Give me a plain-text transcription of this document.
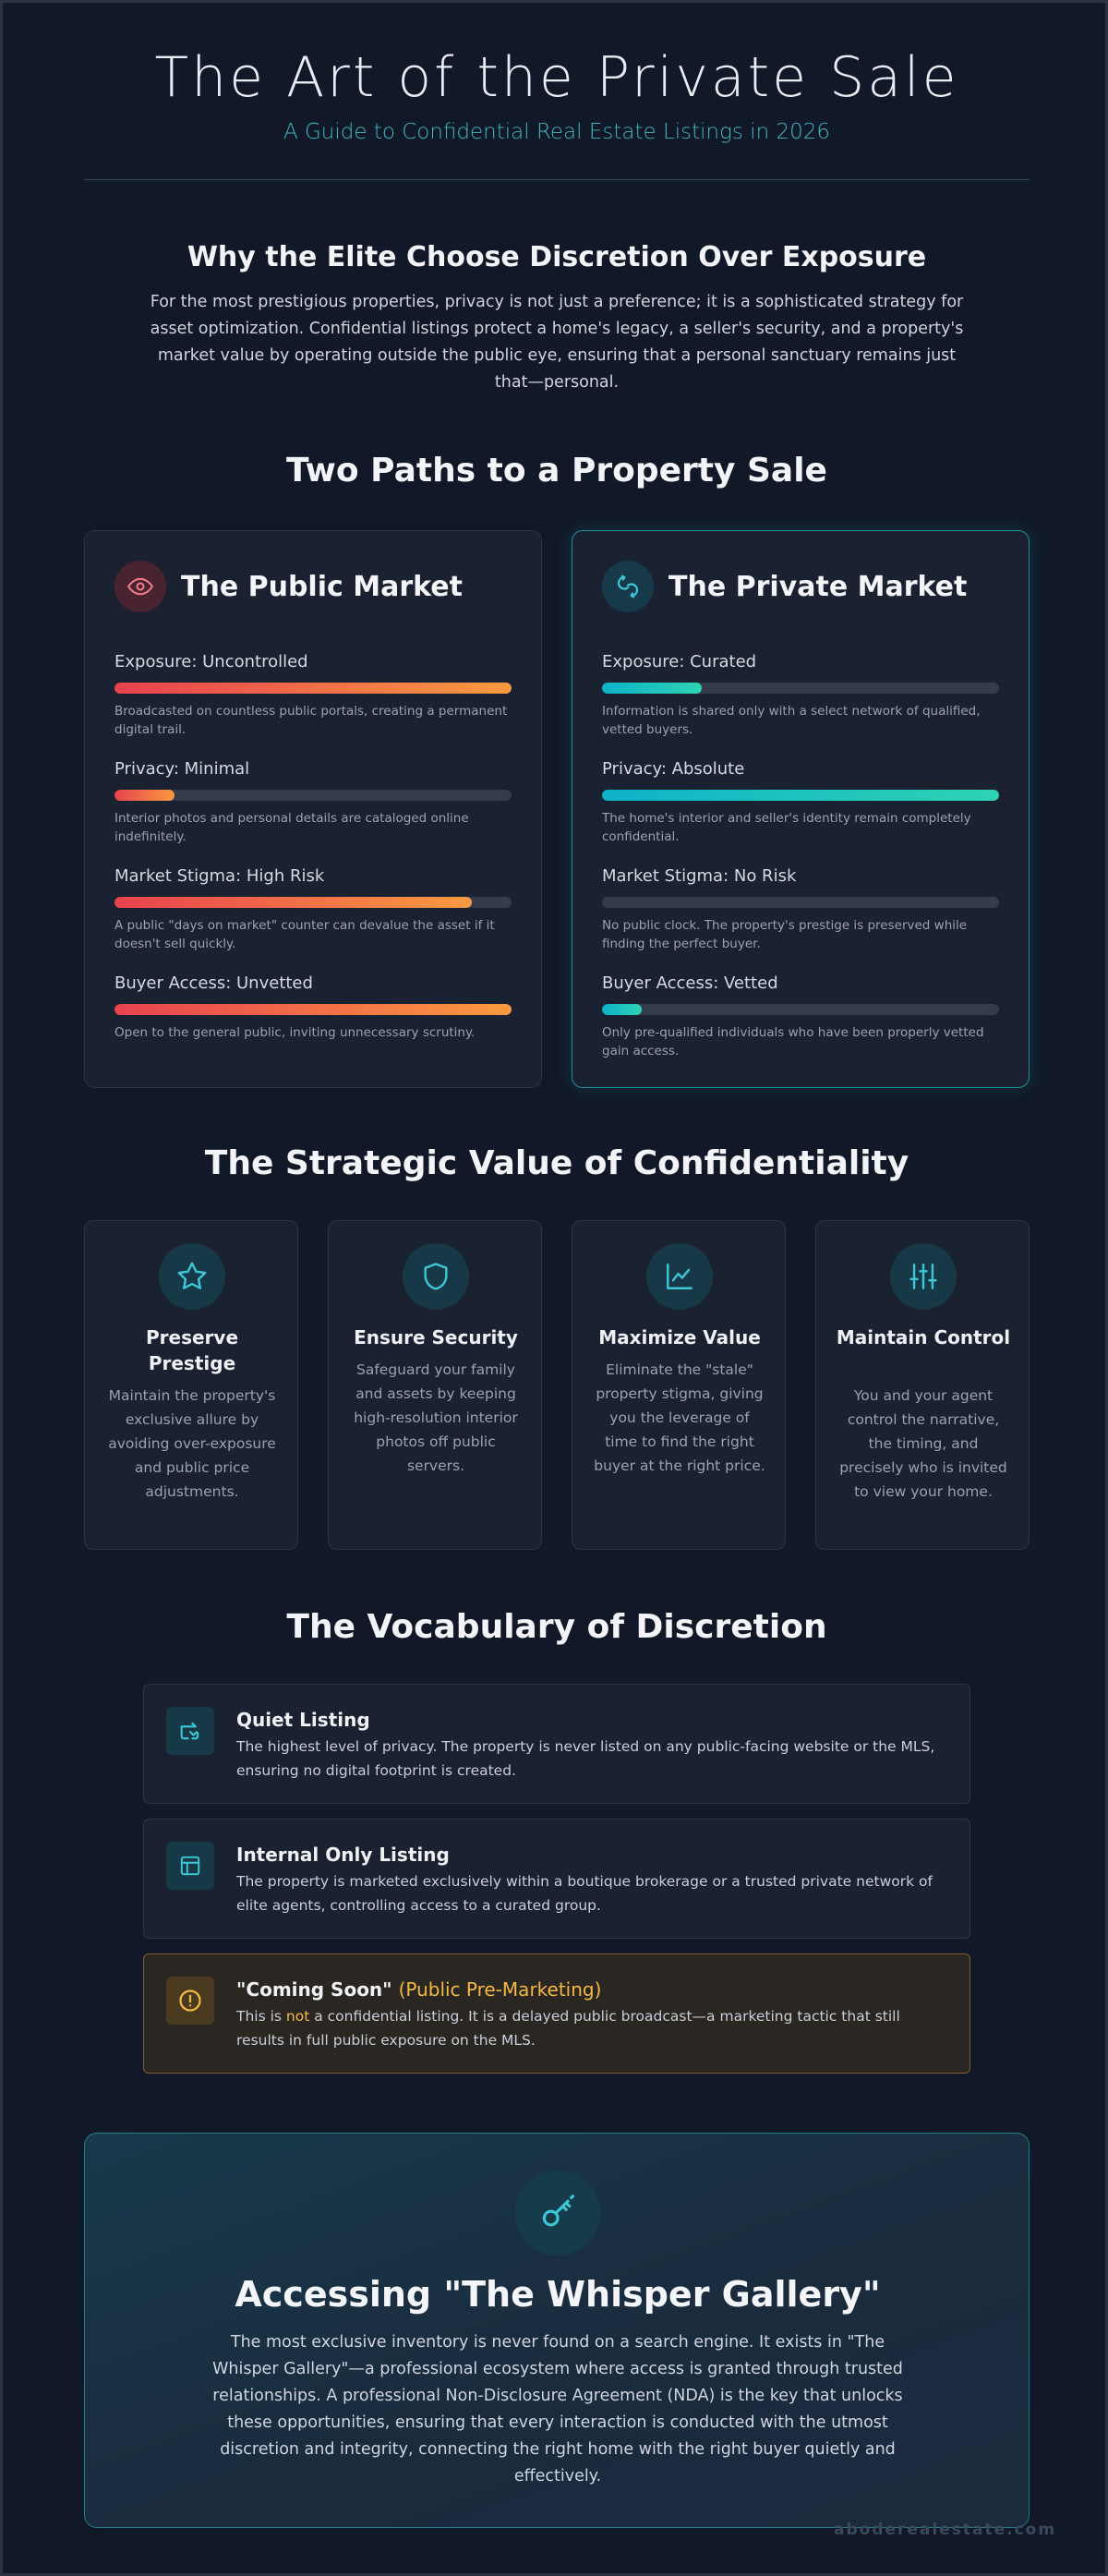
The Art of the Private Sale
A Guide to Confidential Real Estate Listings in 2026
Why the Elite Choose Discretion Over Exposure
For the most prestigious properties, privacy is not just a preference; it is a sophisticated strategy for asset optimization. Confidential listings protect a home's legacy, a seller's security, and a property's market value by operating outside the public eye, ensuring that a personal sanctuary remains just that—personal.
Two Paths to a Property Sale
The Public Market
Exposure: Uncontrolled
Broadcasted on countless public portals, creating a permanent digital trail.
Privacy: Minimal
Interior photos and personal details are cataloged online indefinitely.
Market Stigma: High Risk
A public "days on market" counter can devalue the asset if it doesn't sell quickly.
Buyer Access: Unvetted
Open to the general public, inviting unnecessary scrutiny.
The Private Market
Exposure: Curated
Information is shared only with a select network of qualified, vetted buyers.
Privacy: Absolute
The home's interior and seller's identity remain completely confidential.
Market Stigma: No Risk
No public clock. The property's prestige is preserved while finding the perfect buyer.
Buyer Access: Vetted
Only pre-qualified individuals who have been properly vetted gain access.
The Strategic Value of Confidentiality
Preserve Prestige
Maintain the property's exclusive allure by avoiding over-exposure and public price adjustments.
Ensure Security
Safeguard your family and assets by keeping high-resolution interior photos off public servers.
Maximize Value
Eliminate the "stale" property stigma, giving you the leverage of time to find the right buyer at the right price.
Maintain Control
You and your agent control the narrative, the timing, and precisely who is invited to view your home.
The Vocabulary of Discretion
Quiet Listing
The highest level of privacy. The property is never listed on any public-facing website or the MLS, ensuring no digital footprint is created.
Internal Only Listing
The property is marketed exclusively within a boutique brokerage or a trusted private network of elite agents, controlling access to a curated group.
"Coming Soon" (Public Pre-Marketing)
This is not a confidential listing. It is a delayed public broadcast—a marketing tactic that still results in full public exposure on the MLS.
Accessing "The Whisper Gallery"
The most exclusive inventory is never found on a search engine. It exists in "The Whisper Gallery"—a professional ecosystem where access is granted through trusted relationships. A professional Non-Disclosure Agreement (NDA) is the key that unlocks these opportunities, ensuring that every interaction is conducted with the utmost discretion and integrity, connecting the right home with the right buyer quietly and effectively.
aboderealestate.com
